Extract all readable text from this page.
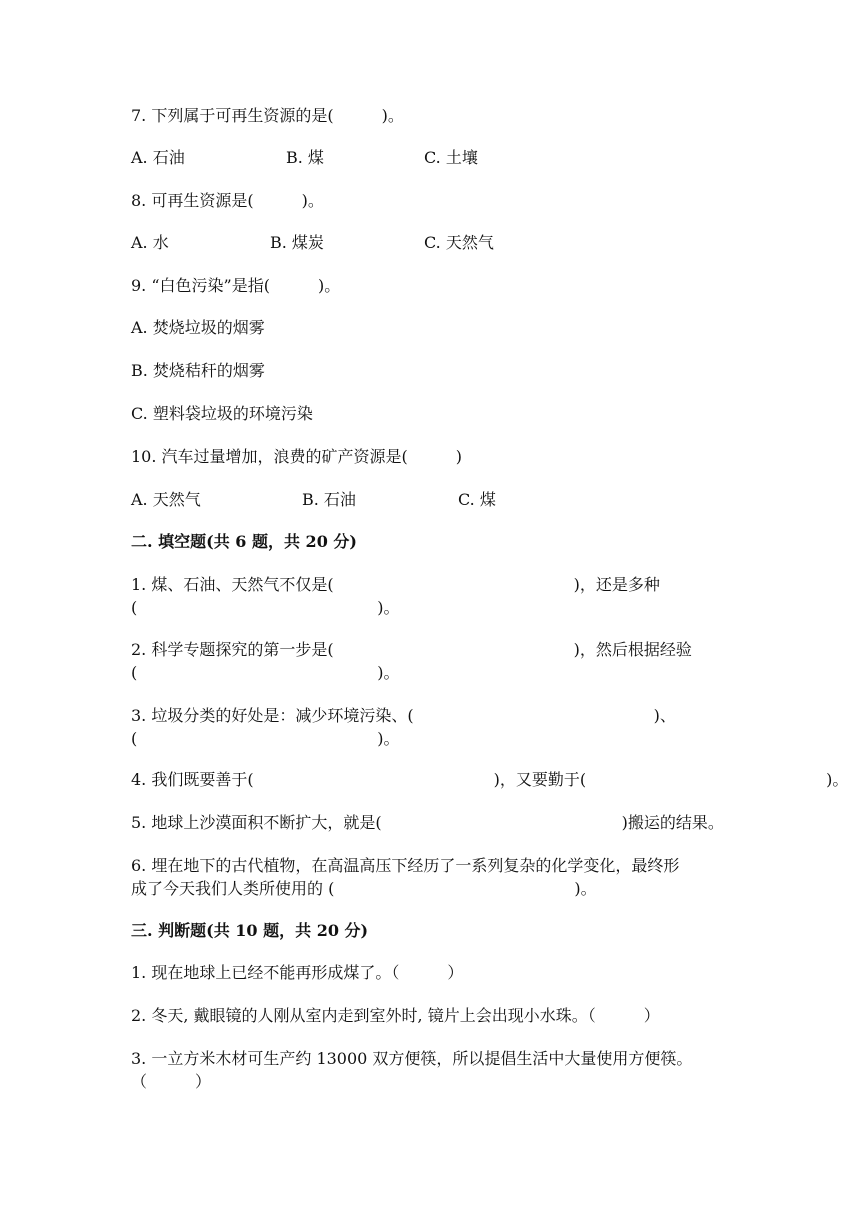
7. 下列属于可再生资源的是(　　　)。
A. 石油	B. 煤	C. 土壤
8. 可再生资源是(　　　)。
A. 水	B. 煤炭	C. 天然气
9. “白色污染”是指(　　　)。
A. 焚烧垃圾的烟雾
B. 焚烧秸秆的烟雾
C. 塑料袋垃圾的环境污染
10. 汽车过量增加，浪费的矿产资源是(　　　)
A. 天然气	B. 石油	C. 煤
二. 填空题(共 6 题，共 20 分)
1. 煤、石油、天然气不仅是(　　　　　　　　　　　　　　　)，还是多种
(　　　　　　　　　　　　　　　)。
2. 科学专题探究的第一步是(　　　　　　　　　　　　　　　)，然后根据经验
(　　　　　　　　　　　　　　　)。
3. 垃圾分类的好处是：减少环境污染、(　　　　　　　　　　　　　　　)、
(　　　　　　　　　　　　　　　)。
4. 我们既要善于(　　　　　　　　　　　　　　　)，又要勤于(　　　　　　　　　　　　　　　)。
5. 地球上沙漠面积不断扩大，就是(　　　　　　　　　　　　　　　)搬运的结果。
6. 埋在地下的古代植物，在高温高压下经历了一系列复杂的化学变化，最终形
成了今天我们人类所使用的 (　　　　　　　　　　　　　　　)。
三. 判断题(共 10 题，共 20 分)
1. 现在地球上已经不能再形成煤了。（　　　）
2. 冬天, 戴眼镜的人刚从室内走到室外时, 镜片上会出现小水珠。（　　　）
3. 一立方米木材可生产约 13000 双方便筷，所以提倡生活中大量使用方便筷。
（　　　）
